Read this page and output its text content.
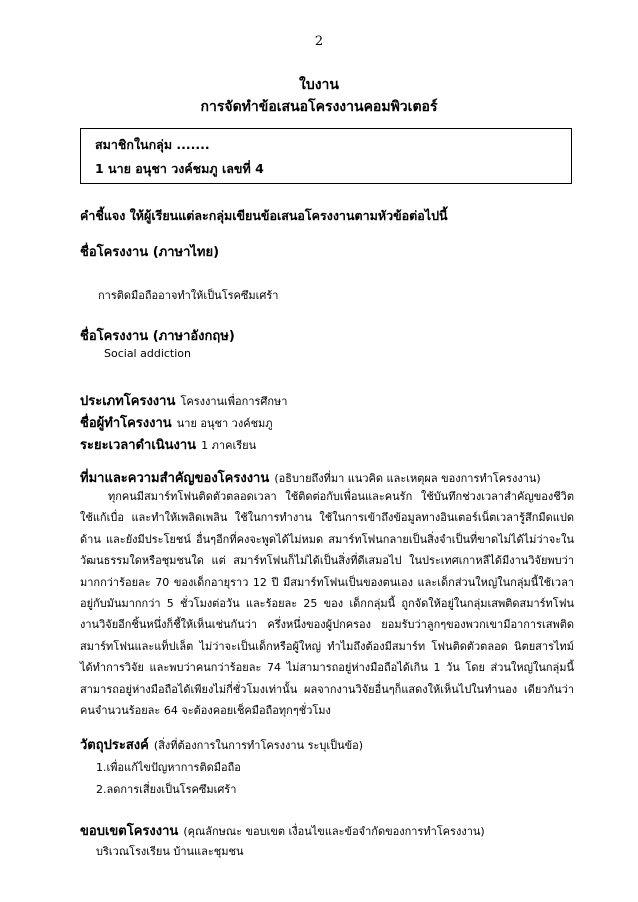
2
ใบงาน
การจัดทำข้อเสนอโครงงานคอมพิวเตอร์
สมาชิกในกลุ่ม .......
1 นาย อนุชา วงค์ชมภู เลขที่ 4
คำชี้แจง ให้ผู้เรียนแต่ละกลุ่มเขียนข้อเสนอโครงงานตามหัวข้อต่อไปนี้
ชื่อโครงงาน (ภาษาไทย)
การติดมือถืออาจทำให้เป็นโรคซึมเศร้า
ชื่อโครงงาน (ภาษาอังกฤษ)
Social addiction
ประเภทโครงงาน โครงงานเพื่อการศึกษา
ชื่อผู้ทำโครงงาน นาย อนุชา วงค์ชมภู
ระยะเวลาดำเนินงาน 1 ภาคเรียน
ที่มาและความสำคัญของโครงงาน (อธิบายถึงที่มา แนวคิด และเหตุผล ของการทำโครงงาน)
ทุกคนมีสมาร์ทโฟนติดตัวตลอดเวลา ใช้ติดต่อกับเพื่อนและคนรัก ใช้บันทึกช่วงเวลาสำคัญของชีวิต ใช้แก้เบื่อ และทำให้เพลิดเพลิน ใช้ในการทำงาน ใช้ในการเข้าถึงข้อมูลทางอินเตอร์เน็ตเวลารู้สึกมืดแปดด้าน และยังมีประโยชน์ อื่นๆอีกที่คงจะพูดได้ไม่หมด สมาร์ทโฟนกลายเป็นสิ่งจำเป็นที่ขาดไม่ได้ไม่ว่าจะในวัฒนธรรมใดหรือชุมชนใด แต่ สมาร์ทโฟนก็ไม่ได้เป็นสิ่งที่ดีเสมอไป ในประเทศเกาหลีได้มีงานวิจัยพบว่า มากกว่าร้อยละ 70 ของเด็กอายุราว 12 ปี มีสมาร์ทโฟนเป็นของตนเอง และเด็กส่วนใหญ่ในกลุ่มนี้ใช้เวลาอยู่กับมันมากกว่า 5 ชั่วโมงต่อวัน และร้อยละ 25 ของ เด็กกลุ่มนี้ ถูกจัดให้อยู่ในกลุ่มเสพติดสมาร์ทโฟน งานวิจัยอีกชิ้นหนึ่งก็ชี้ให้เห็นเช่นกันว่า ครึ่งหนึ่งของผู้ปกครอง ยอมรับว่าลูกๆของพวกเขามีอาการเสพติดสมาร์ทโฟนและแท็ปเล็ต ไม่ว่าจะเป็นเด็กหรือผู้ใหญ่ ทำไมถึงต้องมีสมาร์ท โฟนติดตัวตลอด นิตยสารไทม์ได้ทำการวิจัย และพบว่าคนกว่าร้อยละ 74 ไม่สามารถอยู่ห่างมือถือได้เกิน 1 วัน โดย ส่วนใหญ่ในกลุ่มนี้สามารถอยู่ห่างมือถือได้เพียงไม่กี่ชั่วโมงเท่านั้น ผลจากงานวิจัยอื่นๆก็แสดงให้เห็นไปในทำนอง เดียวกันว่า คนจำนวนร้อยละ 64 จะต้องคอยเช็คมือถือทุกๆชั่วโมง
วัตถุประสงค์ (สิ่งที่ต้องการในการทำโครงงาน ระบุเป็นข้อ)
1.เพื่อแก้ไขปัญหาการติดมือถือ
2.ลดการเสี่ยงเป็นโรคซึมเศร้า
ขอบเขตโครงงาน (คุณลักษณะ ขอบเขต เงื่อนไขและข้อจำกัดของการทำโครงงาน)
บริเวณโรงเรียน บ้านและชุมชน
